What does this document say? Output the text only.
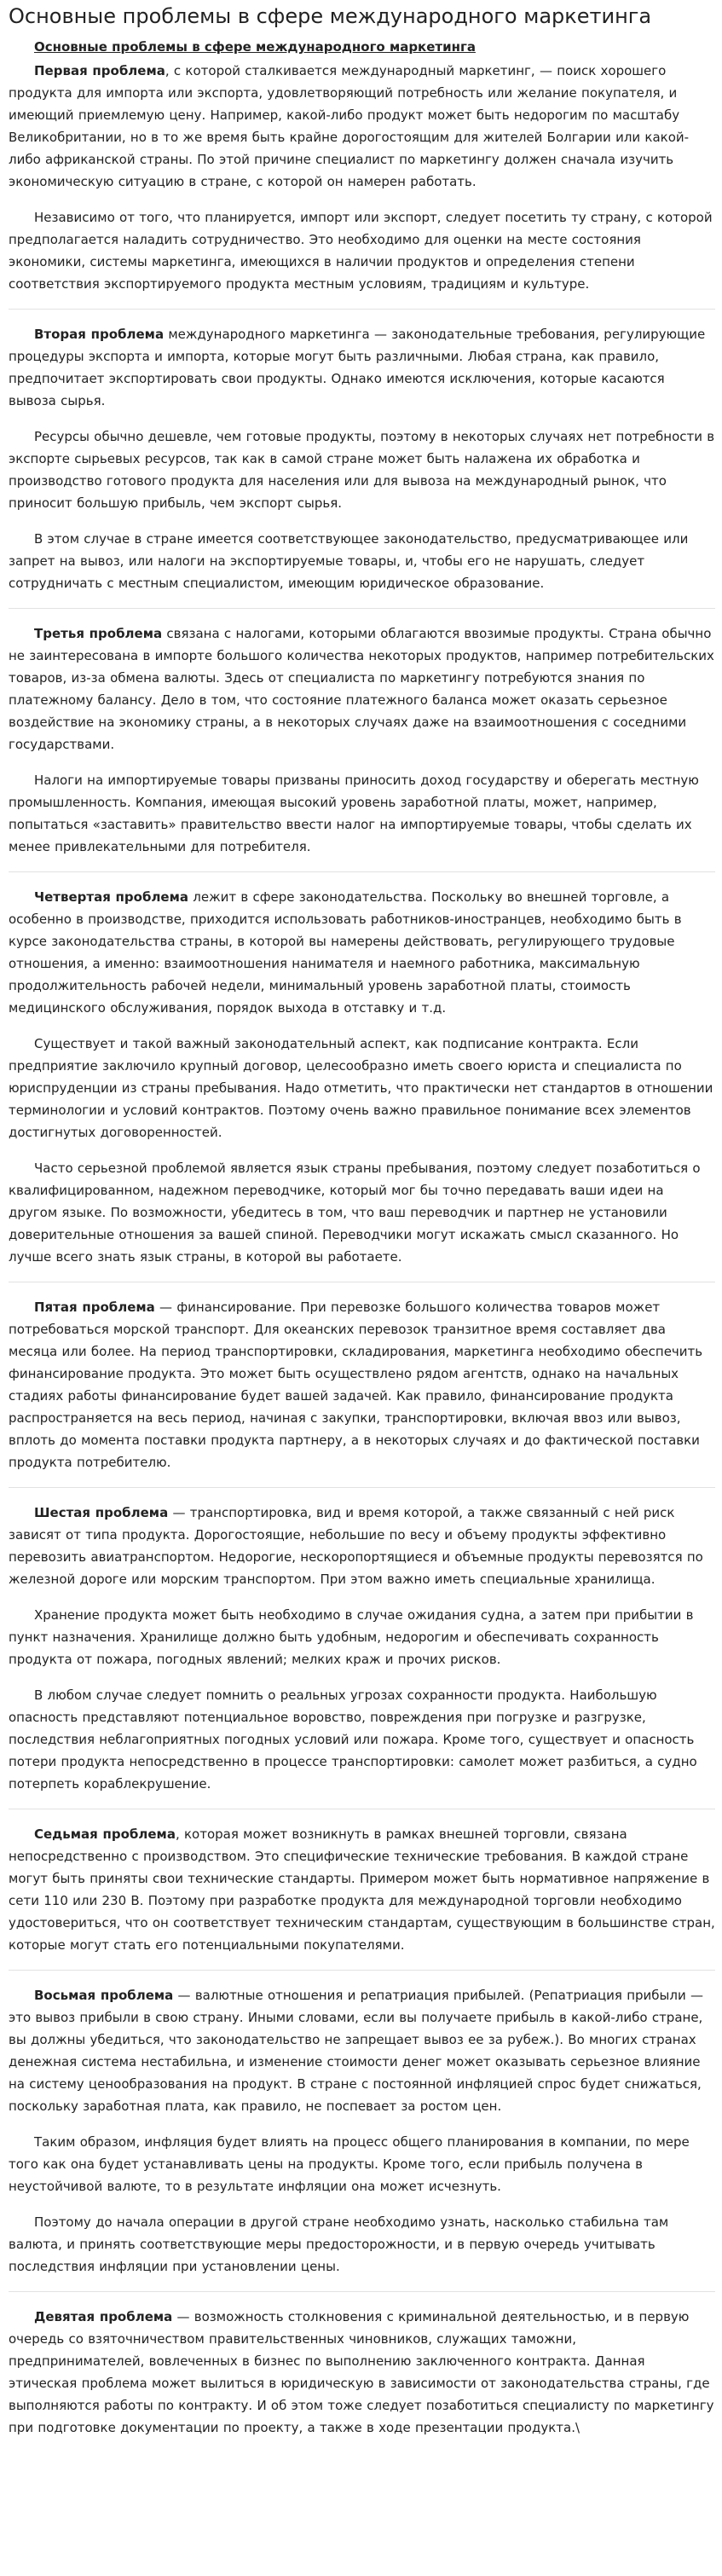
Основные проблемы в сфере международного маркетинга
Основные проблемы в сфере международного маркетинга

Первая проблема, с которой сталкивается международный маркетинг, — поиск хорошего продукта для импорта или экспорта, удовлетворяющий потребность или желание покупателя, и имеющий приемлемую цену. Например, какой-либо продукт может быть недорогим по масштабу Великобритании, но в то же время быть крайне дорогостоящим для жителей Болгарии или какой-либо африканской страны. По этой причине специалист по маркетингу должен сначала изучить экономическую ситуацию в стране, с которой он намерен работать.

Независимо от того, что планируется, импорт или экспорт, следует посетить ту страну, с которой предполагается наладить сотрудничество. Это необходимо для оценки на месте состояния экономики, системы маркетинга, имеющихся в наличии продуктов и определения степени соответствия экспортируемого продукта местным условиям, традициям и культуре.

Вторая проблема международного маркетинга — законодательные требования, регулирующие процедуры экспорта и импорта, которые могут быть различными. Любая страна, как правило, предпочитает экспортировать свои продукты. Однако имеются исключения, которые касаются вывоза сырья.

Ресурсы обычно дешевле, чем готовые продукты, поэтому в некоторых случаях нет потребности в экспорте сырьевых ресурсов, так как в самой стране может быть налажена их обработка и производство готового продукта для населения или для вывоза на международный рынок, что приносит большую прибыль, чем экспорт сырья.

В этом случае в стране имеется соответствующее законодательство, предусматривающее или запрет на вывоз, или налоги на экспортируемые товары, и, чтобы его не нарушать, следует сотрудничать с местным специалистом, имеющим юридическое образование.

Третья проблема связана с налогами, которыми облагаются ввозимые продукты. Страна обычно не заинтересована в импорте большого количества некоторых продуктов, например потребительских товаров, из-за обмена валюты. Здесь от специалиста по маркетингу потребуются знания по платежному балансу. Дело в том, что состояние платежного баланса может оказать серьезное воздействие на экономику страны, а в некоторых случаях даже на взаимоотношения с соседними государствами.

Налоги на импортируемые товары призваны приносить доход государству и оберегать местную промышленность. Компания, имеющая высокий уровень заработной платы, может, например, попытаться «заставить» правительство ввести налог на импортируемые товары, чтобы сделать их менее привлекательными для потребителя.

Четвертая проблема лежит в сфере законодательства. Поскольку во внешней торговле, а особенно в производстве, приходится использовать работников-иностранцев, необходимо быть в курсе законодательства страны, в которой вы намерены действовать, регулирующего трудовые отношения, а именно: взаимоотношения нанимателя и наемного работника, максимальную продолжительность рабочей недели, минимальный уровень заработной платы, стоимость медицинского обслуживания, порядок выхода в отставку и т.д.

Существует и такой важный законодательный аспект, как подписание контракта. Если предприятие заключило крупный договор, целесообразно иметь своего юриста и специалиста по юриспруденции из страны пребывания. Надо отметить, что практически нет стандартов в отношении терминологии и условий контрактов. Поэтому очень важно правильное понимание всех элементов достигнутых договоренностей.

Часто серьезной проблемой является язык страны пребывания, поэтому следует позаботиться о квалифицированном, надежном переводчике, который мог бы точно передавать ваши идеи на другом языке. По возможности, убедитесь в том, что ваш переводчик и партнер не установили доверительные отношения за вашей спиной. Переводчики могут искажать смысл сказанного. Но лучше всего знать язык страны, в которой вы работаете.

Пятая проблема — финансирование. При перевозке большого количества товаров может потребоваться морской транспорт. Для океанских перевозок транзитное время составляет два месяца или более. На период транспортировки, складирования, маркетинга необходимо обеспечить финансирование продукта. Это может быть осуществлено рядом агентств, однако на начальных стадиях работы финансирование будет вашей задачей. Как правило, финансирование продукта распространяется на весь период, начиная с закупки, транспортировки, включая ввоз или вывоз, вплоть до момента поставки продукта партнеру, а в некоторых случаях и до фактической поставки продукта потребителю.

Шестая проблема — транспортировка, вид и время которой, а также связанный с ней риск зависят от типа продукта. Дорогостоящие, небольшие по весу и объему продукты эффективно перевозить авиатранспортом. Недорогие, нескоропортящиеся и объемные продукты перевозятся по железной дороге или морским транспортом. При этом важно иметь специальные хранилища.

Хранение продукта может быть необходимо в случае ожидания судна, а затем при прибытии в пункт назначения. Хранилище должно быть удобным, недорогим и обеспечивать сохранность продукта от пожара, погодных явлений; мелких краж и прочих рисков.

В любом случае следует помнить о реальных угрозах сохранности продукта. Наибольшую опасность представляют потенциальное воровство, повреждения при погрузке и разгрузке, последствия неблагоприятных погодных условий или пожара. Кроме того, существует и опасность потери продукта непосредственно в процессе транспортировки: самолет может разбиться, а судно потерпеть кораблекрушение.

Седьмая проблема, которая может возникнуть в рамках внешней торговли, связана непосредственно с производством. Это специфические технические требования. В каждой стране могут быть приняты свои технические стандарты. Примером может быть нормативное напряжение в сети 110 или 230 В. Поэтому при разработке продукта для международной торговли необходимо удостовериться, что он соответствует техническим стандартам, существующим в большинстве стран, которые могут стать его потенциальными покупателями.

Восьмая проблема — валютные отношения и репатриация прибылей. (Репатриация прибыли — это вывоз прибыли в свою страну. Иными словами, если вы получаете прибыль в какой-либо стране, вы должны убедиться, что законодательство не запрещает вывоз ее за рубеж.). Во многих странах денежная система нестабильна, и изменение стоимости денег может оказывать серьезное влияние на систему ценообразования на продукт. В стране с постоянной инфляцией спрос будет снижаться, поскольку заработная плата, как правило, не поспевает за ростом цен.

Таким образом, инфляция будет влиять на процесс общего планирования в компании, по мере того как она будет устанавливать цены на продукты. Кроме того, если прибыль получена в неустойчивой валюте, то в результате инфляции она может исчезнуть.

Поэтому до начала операции в другой стране необходимо узнать, насколько стабильна там валюта, и принять соответствующие меры предосторожности, и в первую очередь учитывать последствия инфляции при установлении цены.

Девятая проблема — возможность столкновения с криминальной деятельностью, и в первую очередь со взяточничеством правительственных чиновников, служащих таможни, предпринимателей, вовлеченных в бизнес по выполнению заключенного контракта. Данная этическая проблема может вылиться в юридическую в зависимости от законодательства страны, где выполняются работы по контракту. И об этом тоже следует позаботиться специалисту по маркетингу при подготовке документации по проекту, а также в ходе презентации продукта.\
